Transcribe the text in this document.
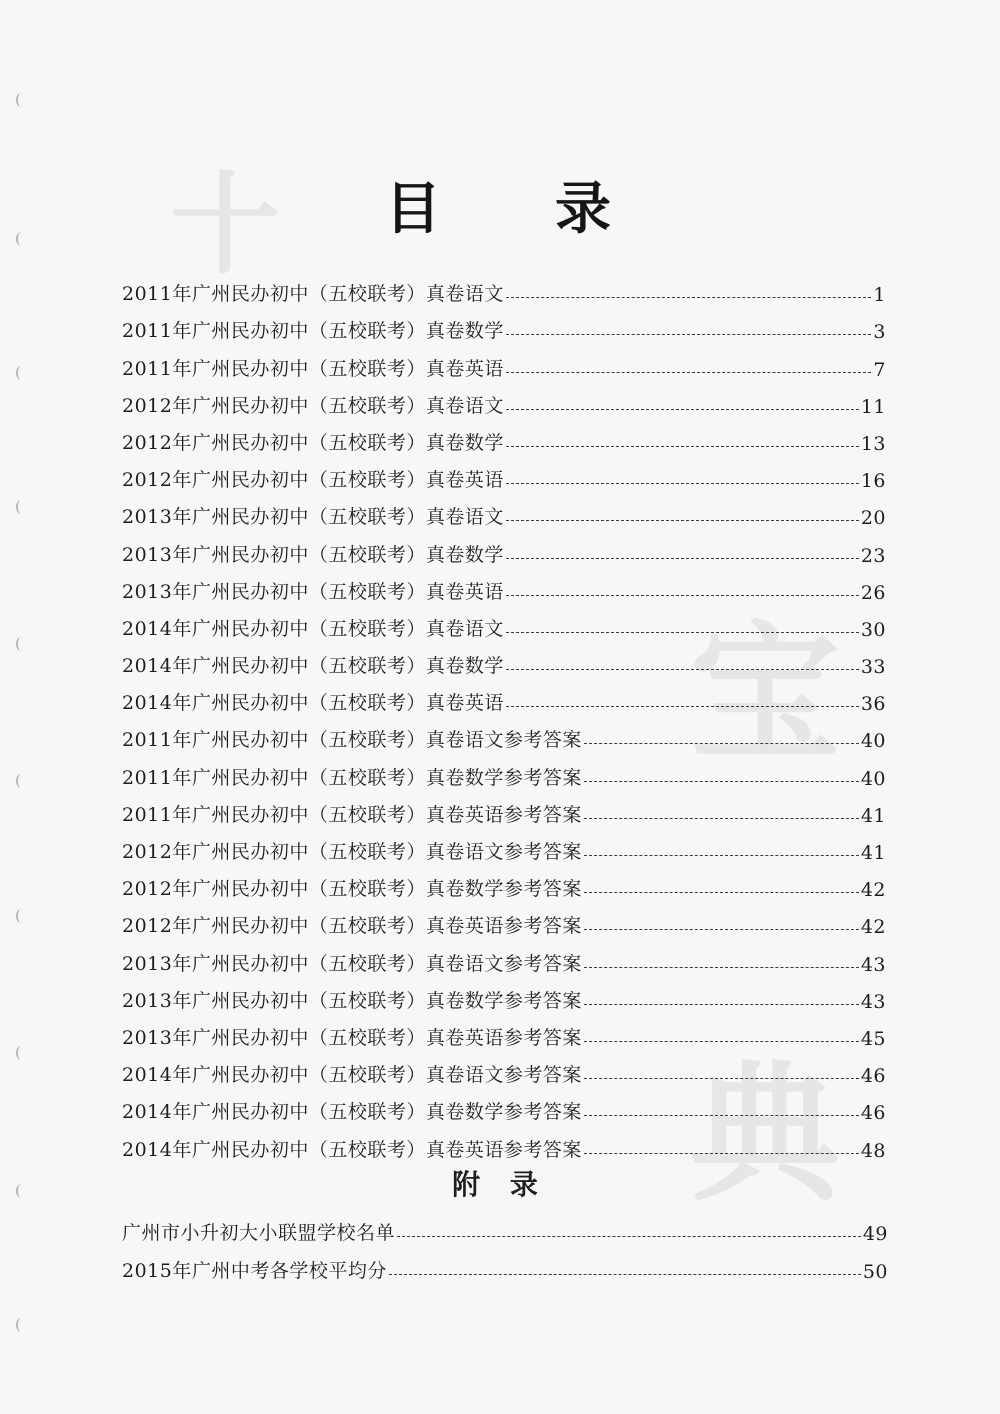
十
宝
典
目 录
2011年广州民办初中（五校联考）真卷语文	1
2011年广州民办初中（五校联考）真卷数学	3
2011年广州民办初中（五校联考）真卷英语	7
2012年广州民办初中（五校联考）真卷语文	11
2012年广州民办初中（五校联考）真卷数学	13
2012年广州民办初中（五校联考）真卷英语	16
2013年广州民办初中（五校联考）真卷语文	20
2013年广州民办初中（五校联考）真卷数学	23
2013年广州民办初中（五校联考）真卷英语	26
2014年广州民办初中（五校联考）真卷语文	30
2014年广州民办初中（五校联考）真卷数学	33
2014年广州民办初中（五校联考）真卷英语	36
2011年广州民办初中（五校联考）真卷语文参考答案	40
2011年广州民办初中（五校联考）真卷数学参考答案	40
2011年广州民办初中（五校联考）真卷英语参考答案	41
2012年广州民办初中（五校联考）真卷语文参考答案	41
2012年广州民办初中（五校联考）真卷数学参考答案	42
2012年广州民办初中（五校联考）真卷英语参考答案	42
2013年广州民办初中（五校联考）真卷语文参考答案	43
2013年广州民办初中（五校联考）真卷数学参考答案	43
2013年广州民办初中（五校联考）真卷英语参考答案	45
2014年广州民办初中（五校联考）真卷语文参考答案	46
2014年广州民办初中（五校联考）真卷数学参考答案	46
2014年广州民办初中（五校联考）真卷英语参考答案	48
附 录
广州市小升初大小联盟学校名单	49
2015年广州中考各学校平均分	50
